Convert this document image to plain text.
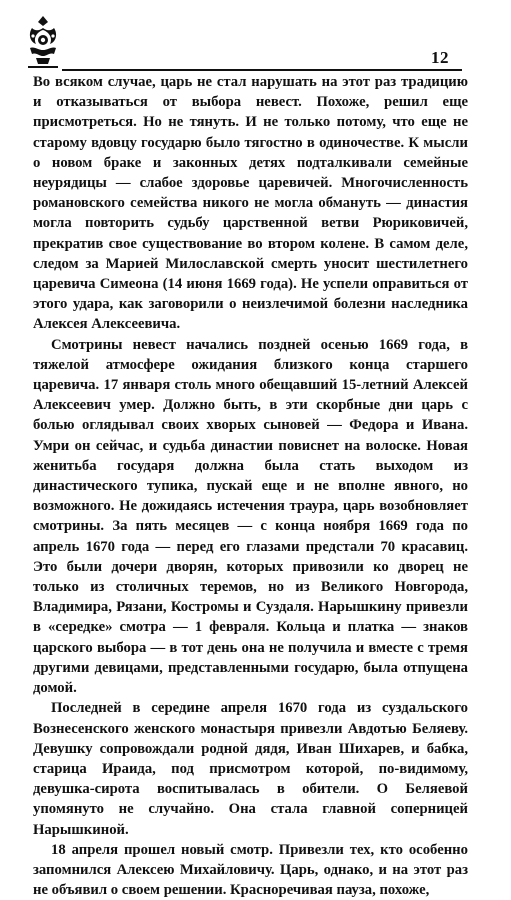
12

Во всяком случае, царь не стал нарушать на этот раз традицию и отказываться от выбора невест. Похоже, решил еще присмотреться. Но не тянуть. И не только потому, что еще не старому вдовцу государю было тягостно в одиночестве. К мысли о новом браке и законных детях подталкивали семейные неурядицы — слабое здоровье царевичей. Многочисленность романовского семейства никого не могла обмануть — династия могла повторить судьбу царственной ветви Рюриковичей, прекратив свое существование во втором колене. В самом деле, следом за Марией Милославской смерть уносит шестилетнего царевича Симеона (14 июня 1669 года). Не успели оправиться от этого удара, как заговорили о неизлечимой болезни наследника Алексея Алексеевича.

Смотрины невест начались поздней осенью 1669 года, в тяжелой атмосфере ожидания близкого конца старшего царевича. 17 января столь много обещавший 15-летний Алексей Алексеевич умер. Должно быть, в эти скорбные дни царь с болью оглядывал своих хворых сыновей — Федора и Ивана. Умри он сейчас, и судьба династии повиснет на волоске. Новая женитьба государя должна была стать выходом из династического тупика, пускай еще и не вполне явного, но возможного. Не дожидаясь истечения траура, царь возобновляет смотрины. За пять месяцев — с конца ноября 1669 года по апрель 1670 года — перед его глазами предстали 70 красавиц. Это были дочери дворян, которых привозили ко дворец не только из столичных теремов, но из Великого Новгорода, Владимира, Рязани, Костромы и Суздаля. Нарышкину привезли в «середке» смотра — 1 февраля. Кольца и платка — знаков царского выбора — в тот день она не получила и вместе с тремя другими девицами, представленными государю, была отпущена домой.

Последней в середине апреля 1670 года из суздальского Вознесенского женского монастыря привезли Авдотью Беляеву. Девушку сопровождали родной дядя, Иван Шихарев, и бабка, старица Ираида, под присмотром которой, по-видимому, девушка-сирота воспитывалась в обители. О Беляевой упомянуто не случайно. Она стала главной соперницей Нарышкиной.

18 апреля прошел новый смотр. Привезли тех, кто особенно запомнился Алексею Михайловичу. Царь, однако, и на этот раз не объявил о своем решении. Красноречивая пауза, похоже,
